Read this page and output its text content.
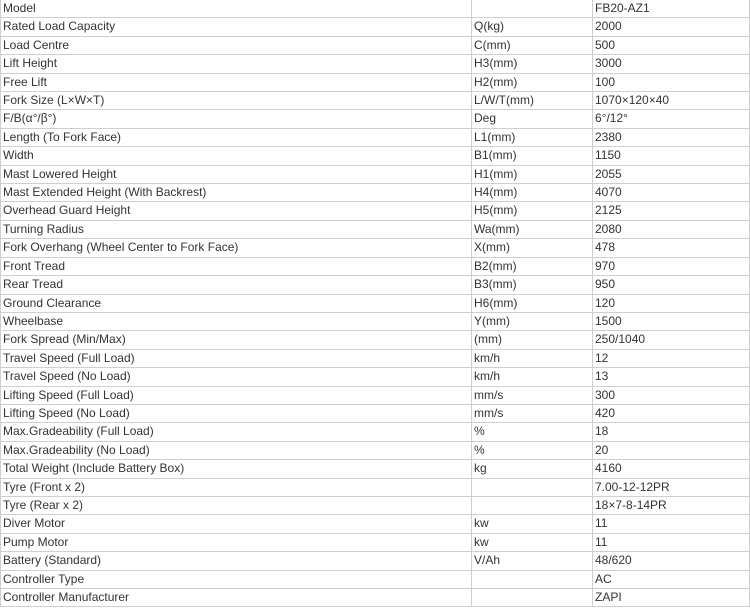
Model		FB20-AZ1
Rated Load Capacity	Q(kg)	2000
Load Centre	C(mm)	500
Lift Height	H3(mm)	3000
Free Lift	H2(mm)	100
Fork Size (L×W×T)	L/W/T(mm)	1070×120×40
F/B(α°/β°)	Deg	6°/12°
Length (To Fork Face)	L1(mm)	2380
Width	B1(mm)	1150
Mast Lowered Height	H1(mm)	2055
Mast Extended Height (With Backrest)	H4(mm)	4070
Overhead Guard Height	H5(mm)	2125
Turning Radius	Wa(mm)	2080
Fork Overhang (Wheel Center to Fork Face)	X(mm)	478
Front Tread	B2(mm)	970
Rear Tread	B3(mm)	950
Ground Clearance	H6(mm)	120
Wheelbase	Y(mm)	1500
Fork Spread (Min/Max)	(mm)	250/1040
Travel Speed (Full Load)	km/h	12
Travel Speed (No Load)	km/h	13
Lifting Speed (Full Load)	mm/s	300
Lifting Speed (No Load)	mm/s	420
Max.Gradeability (Full Load)	%	18
Max.Gradeability (No Load)	%	20
Total Weight (Include Battery Box)	kg	4160
Tyre (Front x 2)		7.00-12-12PR
Tyre (Rear x 2)		18×7-8-14PR
Diver Motor	kw	11
Pump Motor	kw	11
Battery (Standard)	V/Ah	48/620
Controller Type		AC
Controller Manufacturer		ZAPI
